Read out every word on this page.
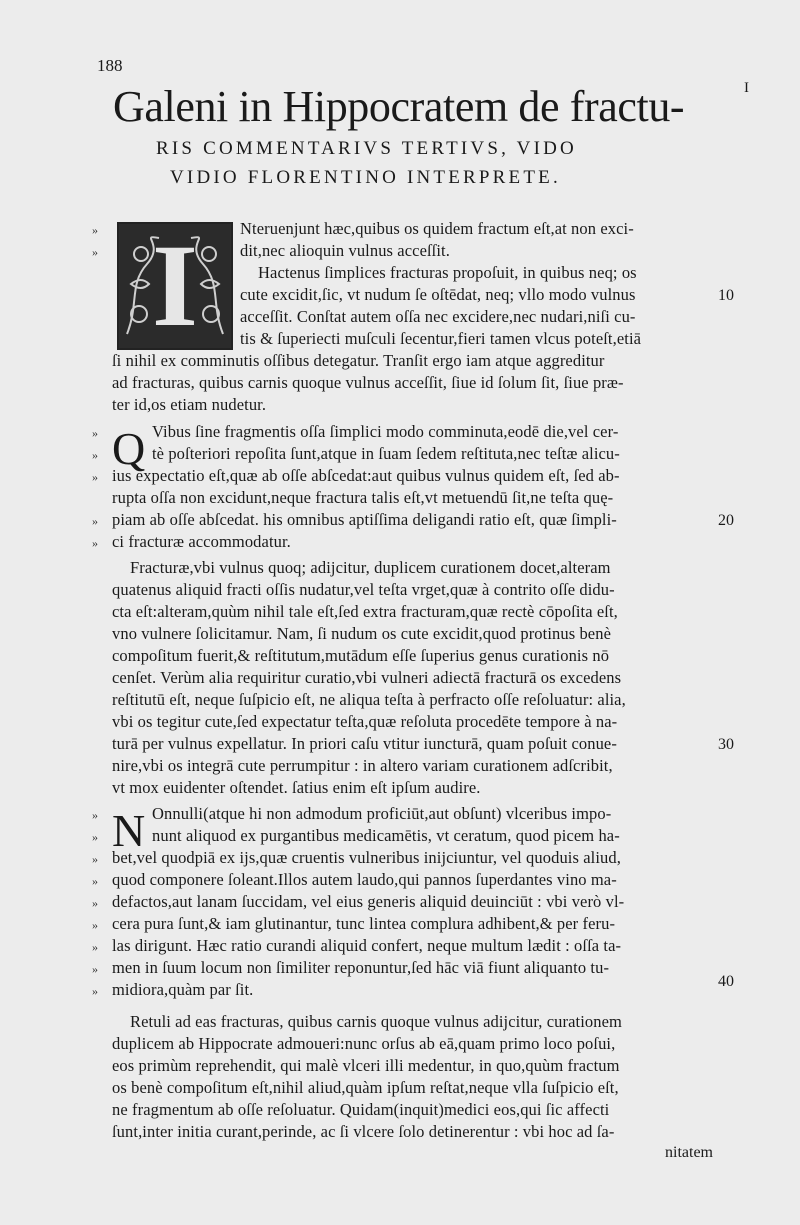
188
I
Galeni in Hippocratem de fractu-
RIS COMMENTARIVS TERTIVS, VIDO
VIDIO FLORENTINO INTERPRETE.
I
Q
N
Nteruenjunt hæc,quibus os quidem fractum eſt,at non exci-
»
dit,nec alioquin vulnus acceſſit.
»
Hactenus ſimplices fracturas propoſuit, in quibus neq; os
cute excidit,ſic, vt nudum ſe oſtēdat, neq; vllo modo vulnus
acceſſit. Conſtat autem oſſa nec excidere,nec nudari,niſi cu-
tis & ſuperiecti muſculi ſecentur,fieri tamen vlcus poteſt,etiā
ſi nihil ex comminutis oſſibus detegatur. Tranſit ergo iam atque aggreditur
ad fracturas, quibus carnis quoque vulnus acceſſit, ſiue id ſolum ſit, ſiue præ-
ter id,os etiam nudetur.
Vibus ſine fragmentis oſſa ſimplici modo comminuta,eodē die,vel cer-
»
tè poſteriori repoſita ſunt,atque in ſuam ſedem reſtituta,nec teſtæ alicu-
»
ius expectatio eſt,quæ ab oſſe abſcedat:aut quibus vulnus quidem eſt, ſed ab-
»
rupta oſſa non excidunt,neque fractura talis eſt,vt metuendū ſit,ne teſta quę-
piam ab oſſe abſcedat. his omnibus aptiſſima deligandi ratio eſt, quæ ſimpli-
»
ci fracturæ accommodatur.
»
Fracturæ,vbi vulnus quoq; adijcitur, duplicem curationem docet,alteram
quatenus aliquid fracti oſſis nudatur,vel teſta vrget,quæ à contrito oſſe didu-
cta eſt:alteram,quùm nihil tale eſt,ſed extra fracturam,quæ rectè cōpoſita eſt,
vno vulnere ſolicitamur. Nam, ſi nudum os cute excidit,quod protinus benè
compoſitum fuerit,& reſtitutum,mutādum eſſe ſuperius genus curationis nō
cenſet. Verùm alia requiritur curatio,vbi vulneri adiectā fracturā os excedens
reſtitutū eſt, neque ſuſpicio eſt, ne aliqua teſta à perfracto oſſe reſoluatur: alia,
vbi os tegitur cute,ſed expectatur teſta,quæ reſoluta procedēte tempore à na-
turā per vulnus expellatur. In priori caſu vtitur iuncturā, quam poſuit conue-
nire,vbi os integrā cute perrumpitur : in altero variam curationem adſcribit,
vt mox euidenter oſtendet. ſatius enim eſt ipſum audire.
Onnulli(atque hi non admodum proficiūt,aut obſunt) vlceribus impo-
»
nunt aliquod ex purgantibus medicamētis, vt ceratum, quod picem ha-
»
bet,vel quodpiā ex ijs,quæ cruentis vulneribus inijciuntur, vel quoduis aliud,
»
quod componere ſoleant.Illos autem laudo,qui pannos ſuperdantes vino ma-
»
defactos,aut lanam ſuccidam, vel eius generis aliquid deuinciūt : vbi verò vl-
»
cera pura ſunt,& iam glutinantur, tunc lintea complura adhibent,& per feru-
»
las dirigunt. Hæc ratio curandi aliquid confert, neque multum lædit : oſſa ta-
»
men in ſuum locum non ſimiliter reponuntur,ſed hāc viā fiunt aliquanto tu-
»
midiora,quàm par ſit.
»
Retuli ad eas fracturas, quibus carnis quoque vulnus adijcitur, curationem
duplicem ab Hippocrate admoueri:nunc orſus ab eā,quam primo loco poſui,
eos primùm reprehendit, qui malè vlceri illi medentur, in quo,quùm fractum
os benè compoſitum eſt,nihil aliud,quàm ipſum reſtat,neque vlla ſuſpicio eſt,
ne fragmentum ab oſſe reſoluatur. Quidam(inquit)medici eos,qui ſic affecti
ſunt,inter initia curant,perinde, ac ſi vlcere ſolo detinerentur : vbi hoc ad ſa-
10
20
30
40
nitatem
